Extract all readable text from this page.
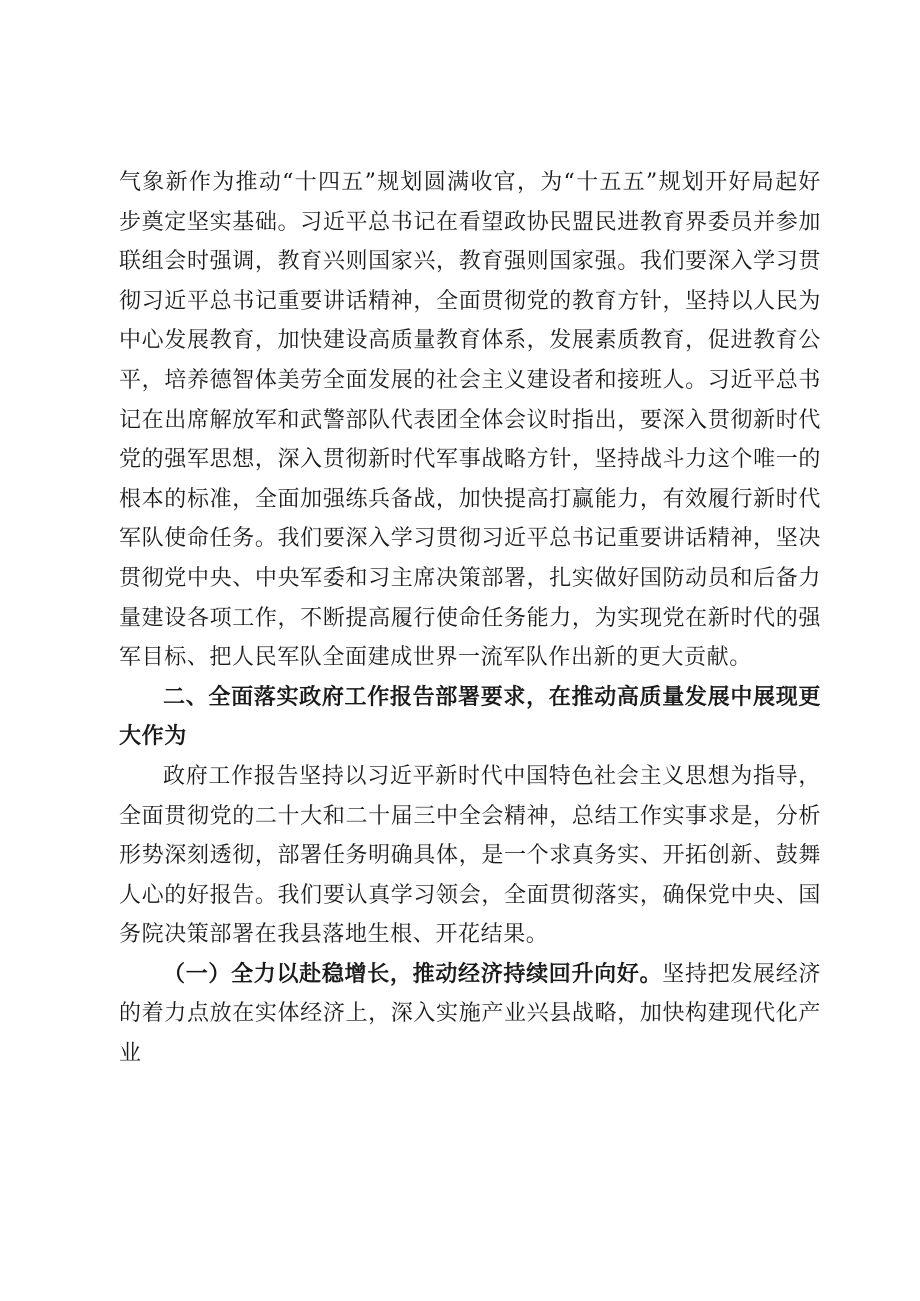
气象新作为推动“十四五”规划圆满收官，为“十五五”规划开好局起好步奠定坚实基础。习近平总书记在看望政协民盟民进教育界委员并参加联组会时强调，教育兴则国家兴，教育强则国家强。我们要深入学习贯彻习近平总书记重要讲话精神，全面贯彻党的教育方针，坚持以人民为中心发展教育，加快建设高质量教育体系，发展素质教育，促进教育公平，培养德智体美劳全面发展的社会主义建设者和接班人。习近平总书记在出席解放军和武警部队代表团全体会议时指出，要深入贯彻新时代党的强军思想，深入贯彻新时代军事战略方针，坚持战斗力这个唯一的根本的标准，全面加强练兵备战，加快提高打赢能力，有效履行新时代军队使命任务。我们要深入学习贯彻习近平总书记重要讲话精神，坚决贯彻党中央、中央军委和习主席决策部署，扎实做好国防动员和后备力量建设各项工作，不断提高履行使命任务能力，为实现党在新时代的强军目标、把人民军队全面建成世界一流军队作出新的更大贡献。

二、全面落实政府工作报告部署要求，在推动高质量发展中展现更大作为

政府工作报告坚持以习近平新时代中国特色社会主义思想为指导，全面贯彻党的二十大和二十届三中全会精神，总结工作实事求是，分析形势深刻透彻，部署任务明确具体，是一个求真务实、开拓创新、鼓舞人心的好报告。我们要认真学习领会，全面贯彻落实，确保党中央、国务院决策部署在我县落地生根、开花结果。

（一）全力以赴稳增长，推动经济持续回升向好。坚持把发展经济的着力点放在实体经济上，深入实施产业兴县战略，加快构建现代化产业
